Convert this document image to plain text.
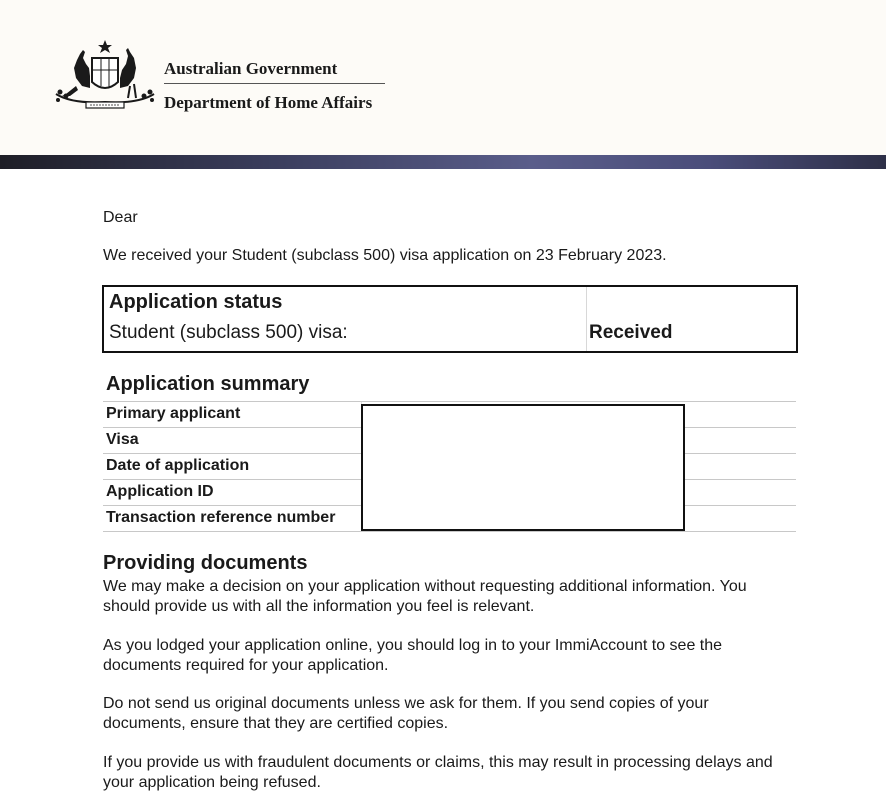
Australian Government
Department of Home Affairs
Dear
We received your Student (subclass 500) visa application on 23 February 2023.
Application status
Student (subclass 500) visa:	Received
Application summary
Primary applicant
Visa
Date of application
Application ID
Transaction reference number
Providing documents
We may make a decision on your application without requesting additional information. You should provide us with all the information you feel is relevant.
As you lodged your application online, you should log in to your ImmiAccount to see the documents required for your application.
Do not send us original documents unless we ask for them. If you send copies of your documents, ensure that they are certified copies.
If you provide us with fraudulent documents or claims, this may result in processing delays and your application being refused.
